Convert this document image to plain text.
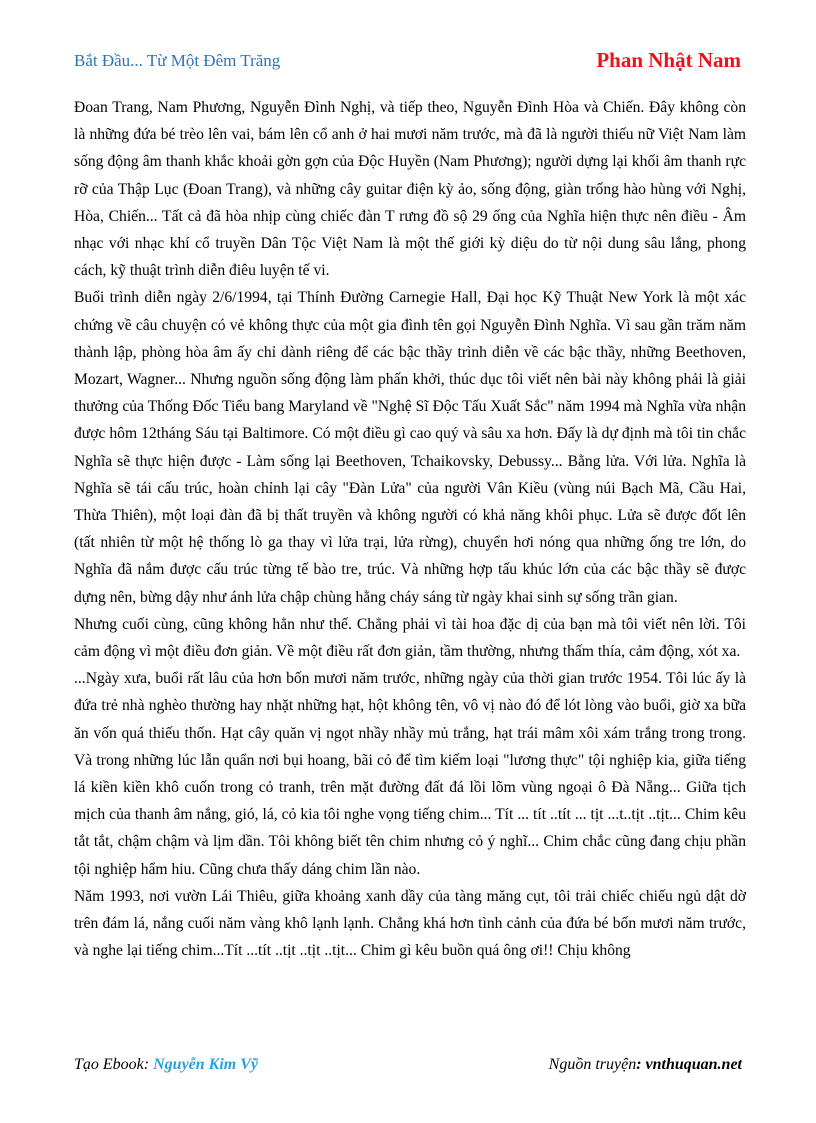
Bắt Đầu... Từ Một Đêm Trăng	Phan Nhật Nam

Đoan Trang, Nam Phương, Nguyễn Đình Nghị, và tiếp theo, Nguyễn Đình Hòa và Chiến. Đây không còn là những đứa bé trèo lên vai, bám lên cổ anh ở hai mươi năm trước, mà đã là người thiếu nữ Việt Nam làm sống động âm thanh khắc khoải gờn gợn của Độc Huyền (Nam Phương); người dựng lại khối âm thanh rực rỡ của Thập Lục (Đoan Trang), và những cây guitar điện kỳ ảo, sống động, giàn trống hào hùng với Nghị, Hòa, Chiến... Tất cả đã hòa nhịp cùng chiếc đàn T rưng đồ sộ 29 ống của Nghĩa hiện thực nên điều - Âm nhạc với nhạc khí cổ truyền Dân Tộc Việt Nam là một thế giới kỳ diệu do từ nội dung sâu lắng, phong cách, kỹ thuật trình diễn điêu luyện tế vi.

Buổi trình diễn ngày 2/6/1994, tại Thính Đường Carnegie Hall, Đại học Kỹ Thuật New York là một xác chứng về câu chuyện có vẻ không thực của một gia đình tên gọi Nguyễn Đình Nghĩa. Vì sau gần trăm năm thành lập, phòng hòa âm ấy chỉ dành riêng để các bậc thầy trình diễn về các bậc thầy, những Beethoven, Mozart, Wagner... Nhưng nguồn sống động làm phấn khởi, thúc dục tôi viết nên bài này không phải là giải thưởng của Thống Đốc Tiểu bang Maryland về "Nghệ Sĩ Độc Tấu Xuất Sắc" năm 1994 mà Nghĩa vừa nhận được hôm 12tháng Sáu tại Baltimore. Có một điều gì cao quý và sâu xa hơn. Đấy là dự định mà tôi tin chắc Nghĩa sẽ thực hiện được - Làm sống lại Beethoven, Tchaikovsky, Debussy... Bằng lửa. Với lửa. Nghĩa là Nghĩa sẽ tái cấu trúc, hoàn chỉnh lại cây "Đàn Lửa" của người Vân Kiều (vùng núi Bạch Mã, Cầu Hai, Thừa Thiên), một loại đàn đã bị thất truyền và không người có khả năng khôi phục. Lửa sẽ được đốt lên (tất nhiên từ một hệ thống lò ga thay vì lửa trại, lửa rừng), chuyển hơi nóng qua những ống tre lớn, do Nghĩa đã nắm được cấu trúc từng tế bào tre, trúc. Và những hợp tấu khúc lớn của các bậc thầy sẽ được dựng nên, bừng dậy như ánh lửa chập chùng hằng cháy sáng từ ngày khai sinh sự sống trần gian.

Nhưng cuối cùng, cũng không hẳn như thế. Chẳng phải vì tài hoa đặc dị của bạn mà tôi viết nên lời. Tôi cảm động vì một điều đơn giản. Về một điều rất đơn giản, tầm thường, nhưng thấm thía, cảm động, xót xa.

...Ngày xưa, buổi rất lâu của hơn bốn mươi năm trước, những ngày của thời gian trước 1954. Tôi lúc ấy là đứa trẻ nhà nghèo thường hay nhặt những hạt, hột không tên, vô vị nào đó để lót lòng vào buổi, giờ xa bữa ăn vốn quá thiếu thốn. Hạt cây quăn vị ngọt nhầy nhầy mủ trắng, hạt trái mâm xôi xám trắng trong trong. Và trong những lúc lẫn quẩn nơi bụi hoang, bãi cỏ để tìm kiếm loại "lương thực" tội nghiệp kia, giữa tiếng lá kiền kiền khô cuốn trong cỏ tranh, trên mặt đường đất đá lồi lõm vùng ngoại ô Đà Nẵng... Giữa tịch mịch của thanh âm nắng, gió, lá, cỏ kia tôi nghe vọng tiếng chim... Tít ... tít ..tít ... tịt ...t..tịt ..tịt... Chim kêu tắt tắt, chậm chậm và lịm dần. Tôi không biết tên chim nhưng cỏ ý nghĩ... Chim chắc cũng đang chịu phần tội nghiệp hẩm hiu. Cũng chưa thấy dáng chim lần nào.

Năm 1993, nơi vườn Lái Thiêu, giữa khoảng xanh dầy của tàng măng cụt, tôi trải chiếc chiếu ngủ dật dờ trên đám lá, nắng cuối năm vàng khô lạnh lạnh. Chẳng khá hơn tình cảnh của đứa bé bốn mươi năm trước, và nghe lại tiếng chim...Tít ...tít ..tịt ..tịt ..tịt... Chim gì kêu buồn quá ông ơi!! Chịu không

Tạo Ebook: Nguyễn Kim Vỹ	Nguồn truyện: vnthuquan.net
